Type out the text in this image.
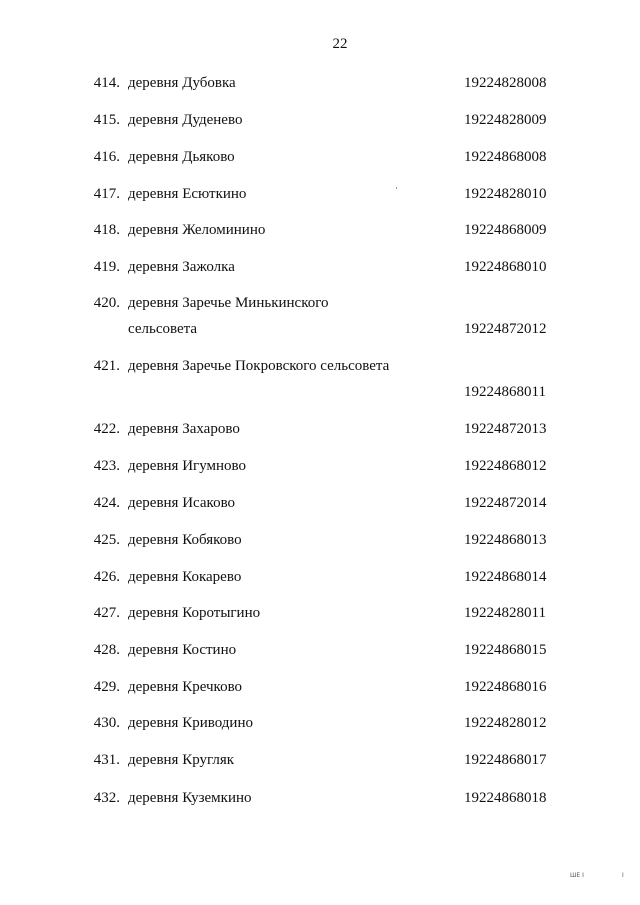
22
414. деревня Дубовка	19224828008
415. деревня Дуденево	19224828009
416. деревня Дьяково	19224868008
417. деревня Есюткино	19224828010
418. деревня Желоминино	19224868009
419. деревня Зажолка	19224868010
420. деревня Заречье Минькинского
сельсовета	19224872012
421. деревня Заречье Покровского сельсовета
19224868011
422. деревня Захарово	19224872013
423. деревня Игумново	19224868012
424. деревня Исаково	19224872014
425. деревня Кобяково	19224868013
426. деревня Кокарево	19224868014
427. деревня Коротыгино	19224828011
428. деревня Костино	19224868015
429. деревня Кречково	19224868016
430. деревня Криводино	19224828012
431. деревня Кругляк	19224868017
432. деревня Куземкино	19224868018
ШЕ I	I
